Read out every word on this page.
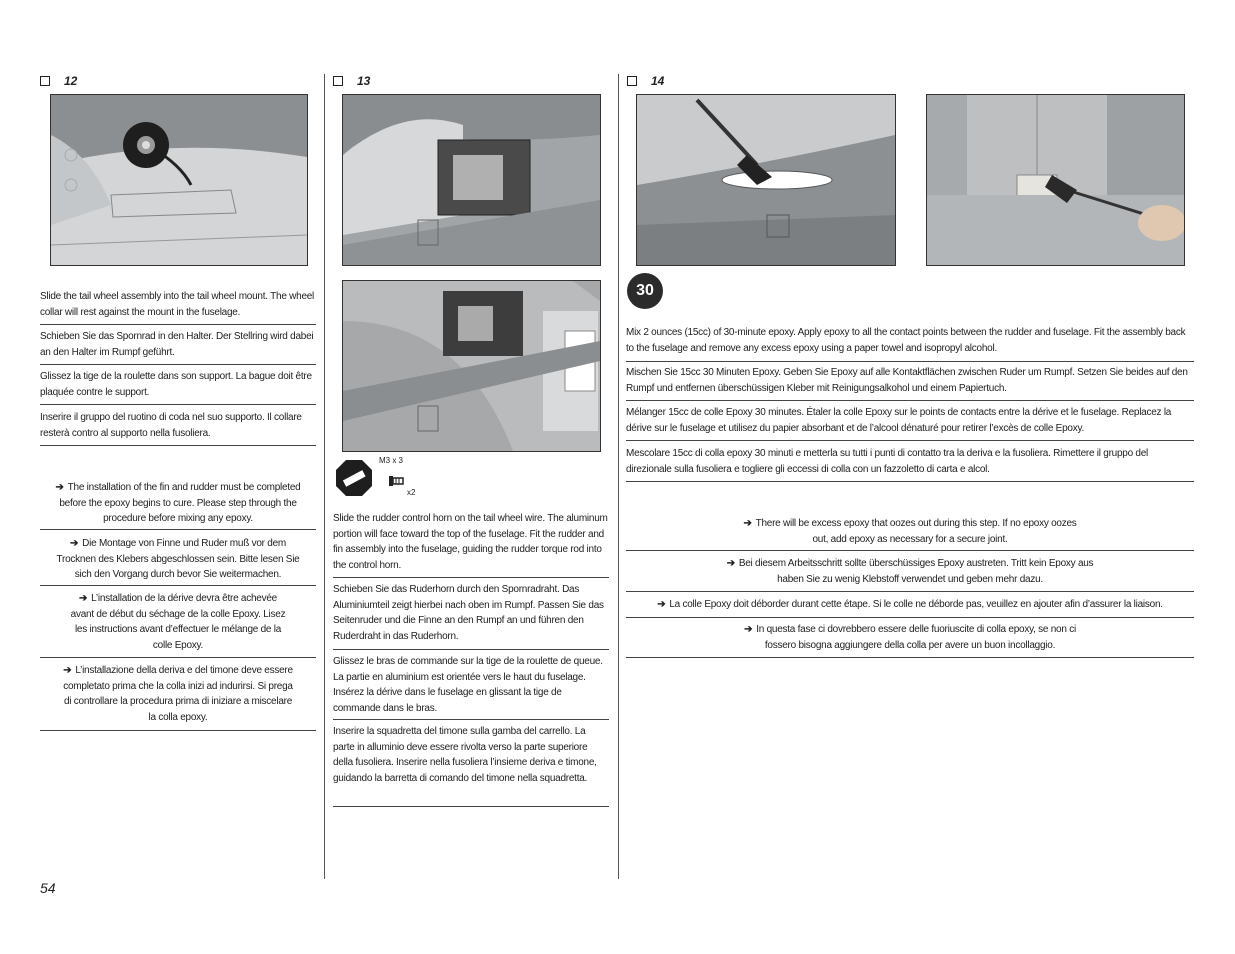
12
Slide the tail wheel assembly into the tail wheel mount. The wheel collar will rest against the mount in the fuselage.
Schieben Sie das Spornrad in den Halter. Der Stellring wird dabei an den Halter im Rumpf geführt.
Glissez la tige de la roulette dans son support. La bague doit être plaquée contre le support.
Inserire il gruppo del ruotino di coda nel suo supporto. Il collare resterà contro al supporto nella fusoliera.
➔ The installation of the fin and rudder must be completed before the epoxy begins to cure. Please step through the procedure before mixing any epoxy.
➔ Die Montage von Finne und Ruder muß vor dem Trocknen des Klebers abgeschlossen sein. Bitte lesen Sie sich den Vorgang durch bevor Sie weitermachen.
➔ L’installation de la dérive devra être achevée avant de début du séchage de la colle Epoxy. Lisez les instructions avant d’effectuer le mélange de la colle Epoxy.
➔ L’installazione della deriva e del timone deve essere completato prima che la colla inizi ad indurirsi. Si prega di controllare la procedura prima di iniziare a miscelare la colla epoxy.
13
M3 x 3
x2
Slide the rudder control horn on the tail wheel wire. The aluminum portion will face toward the top of the fuselage. Fit the rudder and fin assembly into the fuselage, guiding the rudder torque rod into the control horn.
Schieben Sie das Ruderhorn durch den Spornradraht. Das Aluminiumteil zeigt hierbei nach oben im Rumpf. Passen Sie das Seitenruder und die Finne an den Rumpf an und führen den Ruderdraht in das Ruderhorn.
Glissez le bras de commande sur la tige de la roulette de queue. La partie en aluminium est orientée vers le haut du fuselage. Insérez la dérive dans le fuselage en glissant la tige de commande dans le bras.
Inserire la squadretta del timone sulla gamba del carrello. La parte in alluminio deve essere rivolta verso la parte superiore della fusoliera. Inserire nella fusoliera l’insieme deriva e timone, guidando la barretta di comando del timone nella squadretta.
14
30
Mix 2 ounces (15cc) of 30-minute epoxy. Apply epoxy to all the contact points between the rudder and fuselage. Fit the assembly back to the fuselage and remove any excess epoxy using a paper towel and isopropyl alcohol.
Mischen Sie 15cc 30 Minuten Epoxy. Geben Sie Epoxy auf alle Kontaktflächen zwischen Ruder um Rumpf. Setzen Sie beides auf den Rumpf und entfernen überschüssigen Kleber mit Reinigungsalkohol und einem Papiertuch.
Mélanger 15cc de colle Epoxy 30 minutes. Étaler la colle Epoxy sur le points de contacts entre la dérive et le fuselage. Replacez la dérive sur le fuselage et utilisez du papier absorbant et de l’alcool dénaturé pour retirer l’excès de colle Epoxy.
Mescolare 15cc di colla epoxy 30 minuti e metterla su tutti i punti di contatto tra la deriva e la fusoliera. Rimettere il gruppo del direzionale sulla fusoliera e togliere gli eccessi di colla con un fazzoletto di carta e alcol.
➔ There will be excess epoxy that oozes out during this step. If no epoxy oozes out, add epoxy as necessary for a secure joint.
➔ Bei diesem Arbeitsschritt sollte überschüssiges Epoxy austreten. Tritt kein Epoxy aus haben Sie zu wenig Klebstoff verwendet und geben mehr dazu.
➔ La colle Epoxy doit déborder durant cette étape. Si le colle ne déborde pas, veuillez en ajouter afin d’assurer la liaison.
➔ In questa fase ci dovrebbero essere delle fuoriuscite di colla epoxy, se non ci fossero bisogna aggiungere della colla per avere un buon incollaggio.
54
